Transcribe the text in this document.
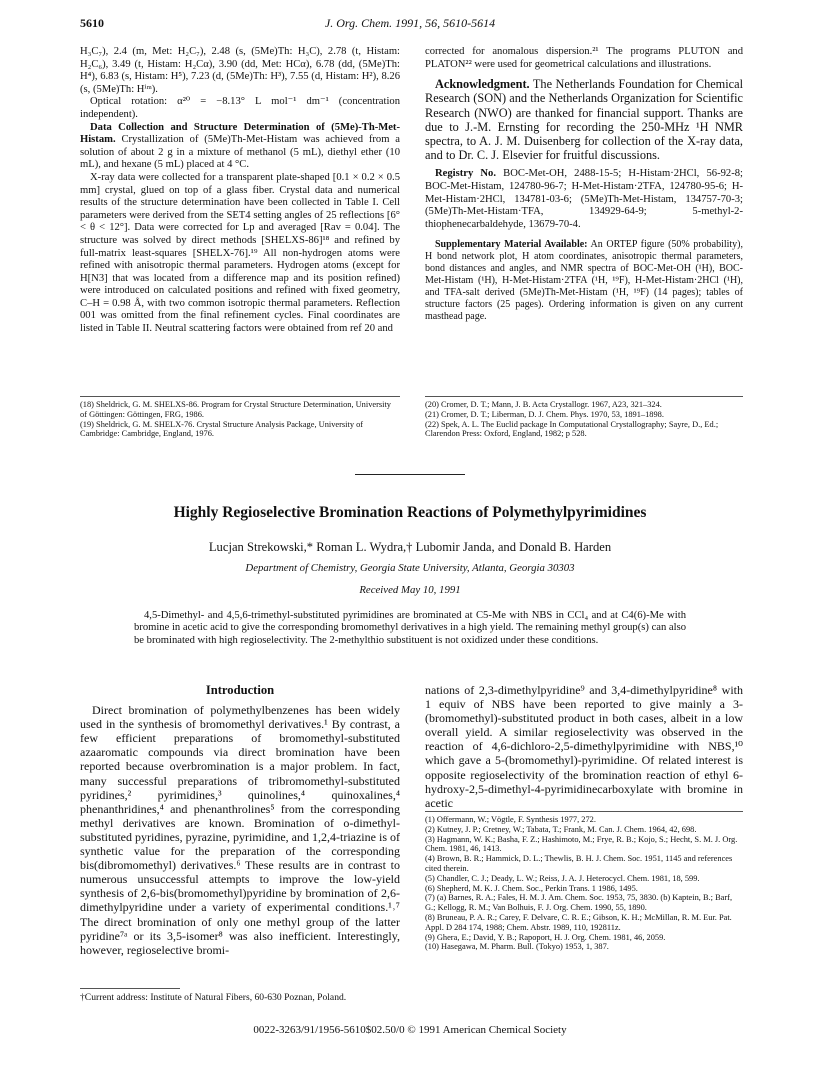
5610	J. Org. Chem. 1991, 56, 5610-5614

H₃C₇), 2.4 (m, Met: H₂C₇), 2.48 (s, (5Me)Th: H₃C), 2.78 (t, Histam: H₂C₆), 3.49 (t, Histam: H₂Cα), 3.90 (dd, Met: HCα), 6.78 (dd, (5Me)Th: H⁴), 6.83 (s, Histam: H⁵), 7.23 (d, (5Me)Th: H³), 7.55 (d, Histam: H²), 8.26 (s, (5Me)Th: Hⁱᵐ).

Optical rotation: α²⁰ = −8.13° L mol⁻¹ dm⁻¹ (concentration independent).

Data Collection and Structure Determination of (5Me)-Th-Met-Histam. Crystallization of (5Me)Th-Met-Histam was achieved from a solution of about 2 g in a mixture of methanol (5 mL), diethyl ether (10 mL), and hexane (5 mL) placed at 4 °C.

X-ray data were collected for a transparent plate-shaped [0.1 × 0.2 × 0.5 mm] crystal, glued on top of a glass fiber. Crystal data and numerical results of the structure determination have been collected in Table I. Cell parameters were derived from the SET4 setting angles of 25 reflections [6° < θ < 12°]. Data were corrected for Lp and averaged [Rav = 0.04]. The structure was solved by direct methods [SHELXS-86]¹⁸ and refined by full-matrix least-squares [SHELX-76].¹⁹ All non-hydrogen atoms were refined with anisotropic thermal parameters. Hydrogen atoms (except for H[N3] that was located from a difference map and its position refined) were introduced on calculated positions and refined with fixed geometry, C–H = 0.98 Å, with two common isotropic thermal parameters. Reflection 001 was omitted from the final refinement cycles. Final coordinates are listed in Table II. Neutral scattering factors were obtained from ref 20 and

corrected for anomalous dispersion.²¹ The programs PLUTON and PLATON²² were used for geometrical calculations and illustrations.

Acknowledgment. The Netherlands Foundation for Chemical Research (SON) and the Netherlands Organization for Scientific Research (NWO) are thanked for financial support. Thanks are due to J.-M. Ernsting for recording the 250-MHz ¹H NMR spectra, to A. J. M. Duisenberg for collection of the X-ray data, and to Dr. C. J. Elsevier for fruitful discussions.

Registry No. BOC-Met-OH, 2488-15-5; H-Histam·2HCl, 56-92-8; BOC-Met-Histam, 124780-96-7; H-Met-Histam·2TFA, 124780-95-6; H-Met-Histam·2HCl, 134781-03-6; (5Me)Th-Met-Histam, 134757-70-3; (5Me)Th-Met-Histam·TFA, 134929-64-9; 5-methyl-2-thiophenecarbaldehyde, 13679-70-4.

Supplementary Material Available: An ORTEP figure (50% probability), H bond network plot, H atom coordinates, anisotropic thermal parameters, bond distances and angles, and NMR spectra of BOC-Met-OH (¹H), BOC-Met-Histam (¹H), H-Met-Histam·2TFA (¹H, ¹⁹F), H-Met-Histam·2HCl (¹H), and TFA-salt derived (5Me)Th-Met-Histam (¹H, ¹⁹F) (14 pages); tables of structure factors (25 pages). Ordering information is given on any current masthead page.

(18) Sheldrick, G. M. SHELXS-86. Program for Crystal Structure Determination, University of Göttingen: Göttingen, FRG, 1986.

(19) Sheldrick, G. M. SHELX-76. Crystal Structure Analysis Package, University of Cambridge: Cambridge, England, 1976.

(20) Cromer, D. T.; Mann, J. B. Acta Crystallogr. 1967, A23, 321–324.

(21) Cromer, D. T.; Liberman, D. J. Chem. Phys. 1970, 53, 1891–1898.

(22) Spek, A. L. The Euclid package In Computational Crystallography; Sayre, D., Ed.; Clarendon Press: Oxford, England, 1982; p 528.

Highly Regioselective Bromination Reactions of Polymethylpyrimidines
Lucjan Strekowski,* Roman L. Wydra,† Lubomir Janda, and Donald B. Harden
Department of Chemistry, Georgia State University, Atlanta, Georgia 30303
Received May 10, 1991

4,5-Dimethyl- and 4,5,6-trimethyl-substituted pyrimidines are brominated at C5-Me with NBS in CCl₄ and at C4(6)-Me with bromine in acetic acid to give the corresponding bromomethyl derivatives in a high yield. The remaining methyl group(s) can also be brominated with high regioselectivity. The 2-methylthio substituent is not oxidized under these conditions.

Introduction

Direct bromination of polymethylbenzenes has been widely used in the synthesis of bromomethyl derivatives.¹ By contrast, a few efficient preparations of bromomethyl-substituted azaaromatic compounds via direct bromination have been reported because overbromination is a major problem. In fact, many successful preparations of tribromomethyl-substituted pyridines,² pyrimidines,³ quinolines,⁴ quinoxalines,⁴ phenanthridines,⁴ and phenanthrolines⁵ from the corresponding methyl derivatives are known. Bromination of o-dimethyl-substituted pyridines, pyrazine, pyrimidine, and 1,2,4-triazine is of synthetic value for the preparation of the corresponding bis(dibromomethyl) derivatives.⁶ These results are in contrast to numerous unsuccessful attempts to improve the low-yield synthesis of 2,6-bis(bromomethyl)pyridine by bromination of 2,6-dimethylpyridine under a variety of experimental conditions.¹˒⁷ The direct bromination of only one methyl group of the latter pyridine⁷ᵃ or its 3,5-isomer⁸ was also inefficient. Interestingly, however, regioselective bromi-

nations of 2,3-dimethylpyridine⁹ and 3,4-dimethylpyridine⁸ with 1 equiv of NBS have been reported to give mainly a 3-(bromomethyl)-substituted product in both cases, albeit in a low overall yield. A similar regioselectivity was observed in the reaction of 4,6-dichloro-2,5-dimethylpyrimidine with NBS,¹⁰ which gave a 5-(bromomethyl)-pyrimidine. Of related interest is opposite regioselectivity of the bromination reaction of ethyl 6-hydroxy-2,5-dimethyl-4-pyrimidinecarboxylate with bromine in acetic

(1) Offermann, W.; Vögtle, F. Synthesis 1977, 272.

(2) Kutney, J. P.; Cretney, W.; Tabata, T.; Frank, M. Can. J. Chem. 1964, 42, 698.

(3) Hagmann, W. K.; Basha, F. Z.; Hashimoto, M.; Frye, R. B.; Kojo, S.; Hecht, S. M. J. Org. Chem. 1981, 46, 1413.

(4) Brown, B. R.; Hammick, D. L.; Thewlis, B. H. J. Chem. Soc. 1951, 1145 and references cited therein.

(5) Chandler, C. J.; Deady, L. W.; Reiss, J. A. J. Heterocycl. Chem. 1981, 18, 599.

(6) Shepherd, M. K. J. Chem. Soc., Perkin Trans. 1 1986, 1495.

(7) (a) Barnes, R. A.; Fales, H. M. J. Am. Chem. Soc. 1953, 75, 3830. (b) Kaptein, B.; Barf, G.; Kellogg, R. M.; Van Bolhuis, F. J. Org. Chem. 1990, 55, 1890.

(8) Bruneau, P. A. R.; Carey, F. Delvare, C. R. E.; Gibson, K. H.; McMillan, R. M. Eur. Pat. Appl. D 284 174, 1988; Chem. Abstr. 1989, 110, 192811z.

(9) Ghera, E.; David, Y. B.; Rapoport, H. J. Org. Chem. 1981, 46, 2059.

(10) Hasegawa, M. Pharm. Bull. (Tokyo) 1953, 1, 387.

†Current address: Institute of Natural Fibers, 60-630 Poznan, Poland.
0022-3263/91/1956-5610$02.50/0 © 1991 American Chemical Society
